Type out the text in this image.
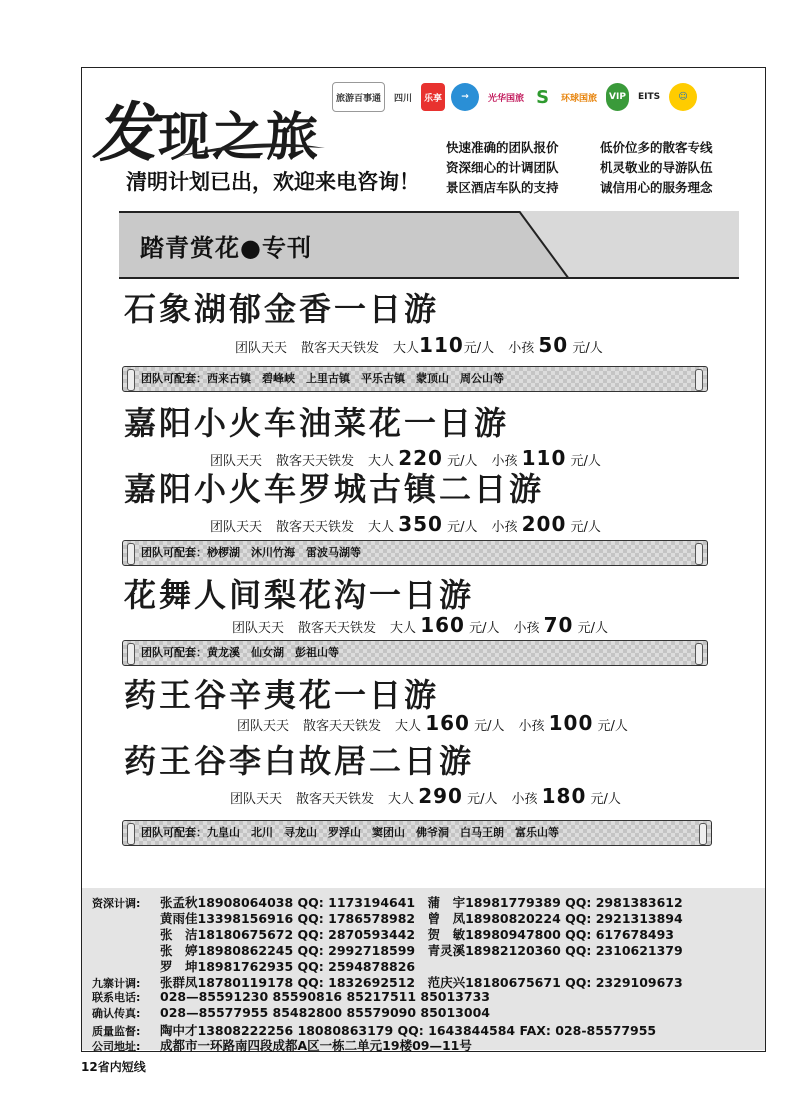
发现之旅
旅游百事通	四川	乐享	→	光华国旅 S	环球国旅	VIP	EITS	☺
清明计划已出，欢迎来电咨询！
快速准确的团队报价	低价位多的散客专线
资深细心的计调团队	机灵敬业的导游队伍
景区酒店车队的支持	诚信用心的服务理念
踏青赏花●专刊
石象湖郁金香一日游
团队天天 散客天天铁发 大人110元/人 小孩 50 元/人
团队可配套：西来古镇　碧峰峡　上里古镇　平乐古镇　蒙顶山　周公山等
嘉阳小火车油菜花一日游
团队天天 散客天天铁发 大人 220 元/人 小孩 110 元/人
嘉阳小火车罗城古镇二日游
团队天天 散客天天铁发 大人 350 元/人 小孩 200 元/人
团队可配套：桫椤湖　沐川竹海　雷波马湖等
花舞人间梨花沟一日游
团队天天 散客天天铁发 大人 160 元/人 小孩 70 元/人
团队可配套：黄龙溪　仙女湖　彭祖山等
药王谷辛夷花一日游
团队天天 散客天天铁发 大人 160 元/人 小孩 100 元/人
药王谷李白故居二日游
团队天天 散客天天铁发 大人 290 元/人 小孩 180 元/人
团队可配套：九皇山　北川　寻龙山　罗浮山　窦团山　佛爷洞　白马王朗　富乐山等
资深计调: 张孟秋18908064038 QQ: 1173194641　蒲　宇18981779389 QQ: 2981383612
黄雨佳13398156916 QQ: 1786578982　曾　凤18980820224 QQ: 2921313894
张　洁18180675672 QQ: 2870593442　贺　敏18980947800 QQ: 617678493
张　婷18980862245 QQ: 2992718599　青灵溪18982120360 QQ: 2310621379
罗　坤18981762935 QQ: 2594878826
九寨计调: 张群凤18780119178 QQ: 1832692512　范庆兴18180675671 QQ: 2329109673
联系电话: 028—85591230 85590816 85217511 85013733
确认传真: 028—85577955 85482800 85579090 85013004
质量监督: 陶中才13808222256 18080863179 QQ: 1643844584 FAX: 028-85577955
公司地址: 成都市一环路南四段成都A区一栋二单元19楼09—11号
12省内短线
